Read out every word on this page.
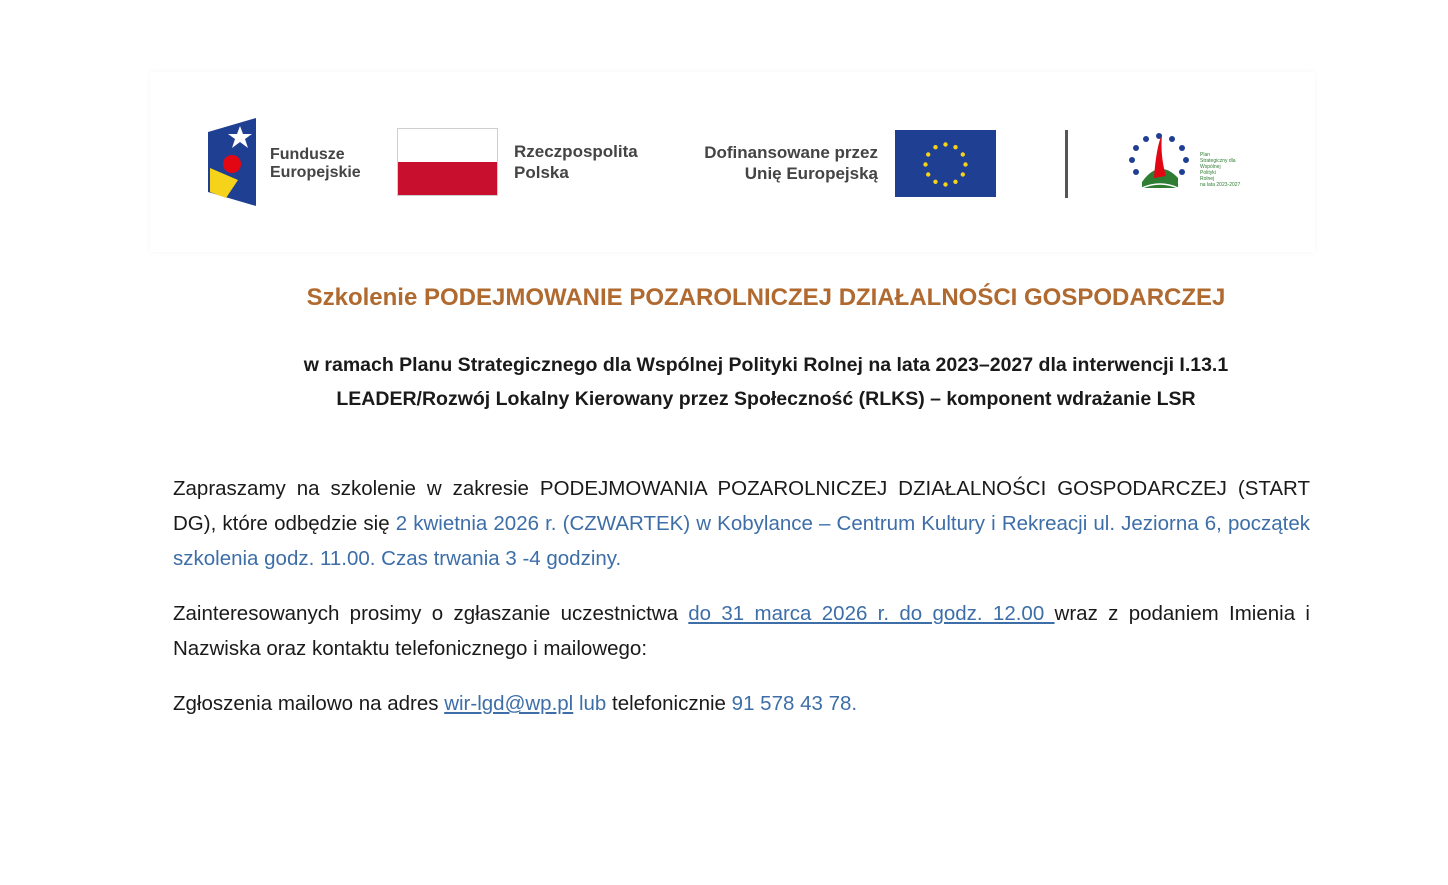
Fundusze
Europejskie
Rzeczpospolita
Polska
Dofinansowane przez
Unię Europejską
Plan
Strategiczny dla
Wspólnej
Polityki
Rolnej
na lata 2023-2027
Szkolenie PODEJMOWANIE POZAROLNICZEJ DZIAŁALNOŚCI GOSPODARCZEJ
w ramach Planu Strategicznego dla Wspólnej Polityki Rolnej na lata 2023–2027 dla interwencji I.13.1
LEADER/Rozwój Lokalny Kierowany przez Społeczność (RLKS) – komponent wdrażanie LSR
Zapraszamy na szkolenie w zakresie PODEJMOWANIA POZAROLNICZEJ DZIAŁALNOŚCI GOSPODARCZEJ (START DG), które odbędzie się 2 kwietnia 2026 r. (CZWARTEK) w Kobylance – Centrum Kultury i Rekreacji ul. Jeziorna 6, początek szkolenia godz. 11.00. Czas trwania 3 -4 godziny.
Zainteresowanych prosimy o zgłaszanie uczestnictwa do 31 marca 2026 r. do godz. 12.00 wraz z podaniem Imienia i Nazwiska oraz kontaktu telefonicznego i mailowego:
Zgłoszenia mailowo na adres wir-lgd@wp.pl lub telefonicznie 91 578 43 78.
